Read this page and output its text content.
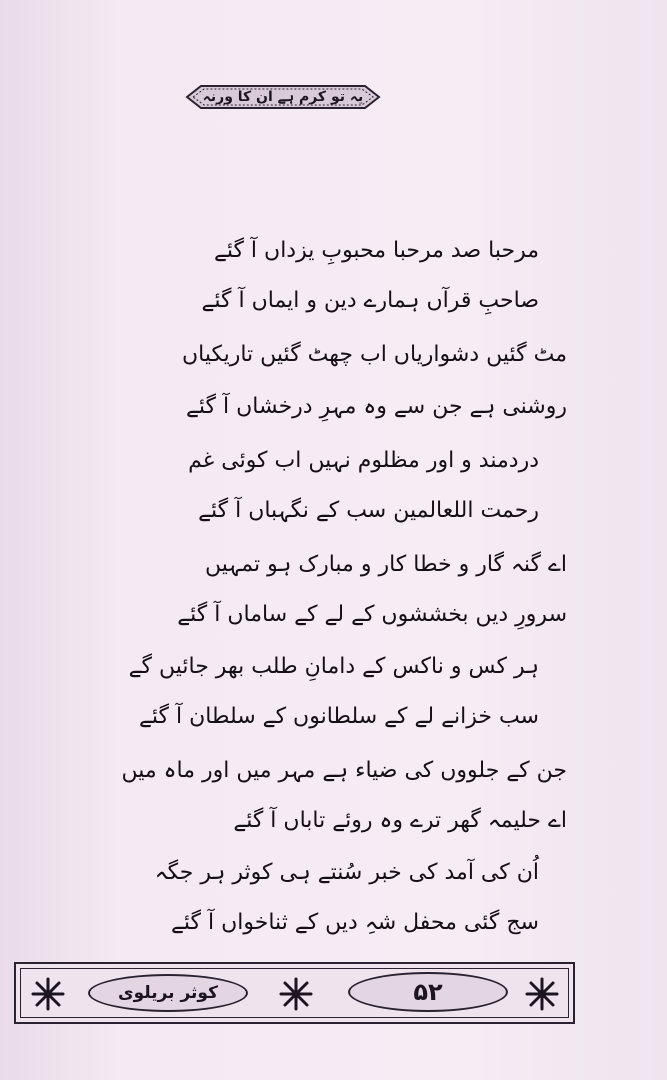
یہ تو کرم ہے ان کا ورنہ
مرحبا صد مرحبا محبوبِ یزداں آ گئے
صاحبِ قرآں ہمارے دین و ایماں آ گئے
مٹ گئیں دشواریاں اب چھٹ گئیں تاریکیاں
روشنی ہے جن سے وہ مہرِ درخشاں آ گئے
دردمند و اور مظلوم نہیں اب کوئی غم
رحمت اللعالمین سب کے نگہباں آ گئے
اے گنہ گار و خطا کار و مبارک ہو تمہیں
سرورِ دیں بخششوں کے لے کے ساماں آ گئے
ہر کس و ناکس کے دامانِ طلب بھر جائیں گے
سب خزانے لے کے سلطانوں کے سلطان آ گئے
جن کے جلووں کی ضیاء ہے مہر میں اور ماہ میں
اے حلیمہ گھر ترے وہ روئے تاباں آ گئے
اُن کی آمد کی خبر سُنتے ہی کوثر ہر جگہ
سج گئی محفل شہِ دیں کے ثناخواں آ گئے
کوثر بریلوی	۵۲
